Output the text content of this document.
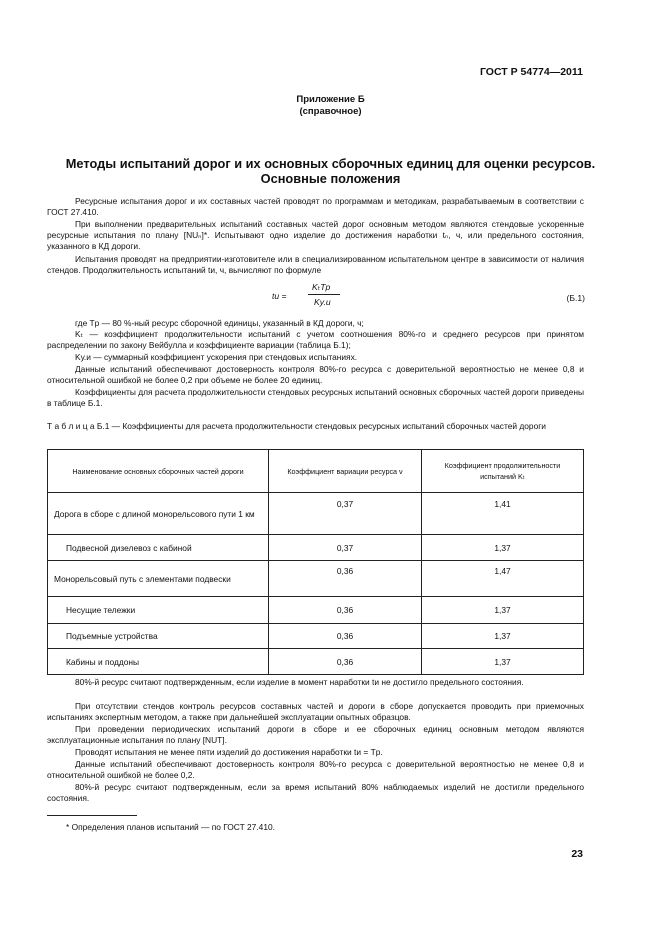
ГОСТ Р 54774—2011
Приложение Б
(справочное)
Методы испытаний дорог и их основных сборочных единиц для оценки ресурсов. Основные положения
Ресурсные испытания дорог и их составных частей проводят по программам и методикам, разрабатываемым в соответствии с ГОСТ 27.410.
При выполнении предварительных испытаний составных частей дорог основным методом являются стендовые ускоренные ресурсные испытания по плану [NUₙ]*. Испытывают одно изделие до достижения наработки tₙ, ч, или предельного состояния, указанного в КД дороги.
Испытания проводят на предприятии-изготовителе или в специализированном испытательном центре в зависимости от наличия стендов. Продолжительность испытаний tи, ч, вычисляют по формуле
tи =
KₜTр
Kу.и	(Б.1)
где Tр — 80 %-ный ресурс сборочной единицы, указанный в КД дороги, ч;
Kₜ — коэффициент продолжительности испытаний с учетом соотношения 80%-го и среднего ресурсов при принятом распределении по закону Вейбулла и коэффициенте вариации (таблица Б.1);
Kу.и — суммарный коэффициент ускорения при стендовых испытаниях.
Данные испытаний обеспечивают достоверность контроля 80%-го ресурса с доверительной вероятностью не менее 0,8 и относительной ошибкой не более 0,2 при объеме не более 20 единиц.
Коэффициенты для расчета продолжительности стендовых ресурсных испытаний основных сборочных частей дороги приведены в таблице Б.1.
Т а б л и ц а Б.1 — Коэффициенты для расчета продолжительности стендовых ресурсных испытаний сборочных частей дороги
Наименование основных сборочных частей дороги	Коэффициент вариации ресурса ν	Коэффициент продолжительности испытаний Kₜ
Дорога в сборе с длиной монорельсового пути 1 км	0,37	1,41
Подвесной дизелевоз с кабиной	0,37	1,37
Монорельсовый путь с элементами подвески	0,36	1,47
Несущие тележки	0,36	1,37
Подъемные устройства	0,36	1,37
Кабины и поддоны	0,36	1,37
80%-й ресурс считают подтвержденным, если изделие в момент наработки tи не достигло предельного состояния.
При отсутствии стендов контроль ресурсов составных частей и дороги в сборе допускается проводить при приемочных испытаниях экспертным методом, а также при дальнейшей эксплуатации опытных образцов.
При проведении периодических испытаний дороги в сборе и ее сборочных единиц основным методом являются эксплуатационные испытания по плану [NUT].
Проводят испытания не менее пяти изделий до достижения наработки tи = Tр.
Данные испытаний обеспечивают достоверность контроля 80%-го ресурса с доверительной вероятностью не менее 0,8 и относительной ошибкой не более 0,2.
80%-й ресурс считают подтвержденным, если за время испытаний 80% наблюдаемых изделий не достигли предельного состояния.
* Определения планов испытаний — по ГОСТ 27.410.
23
